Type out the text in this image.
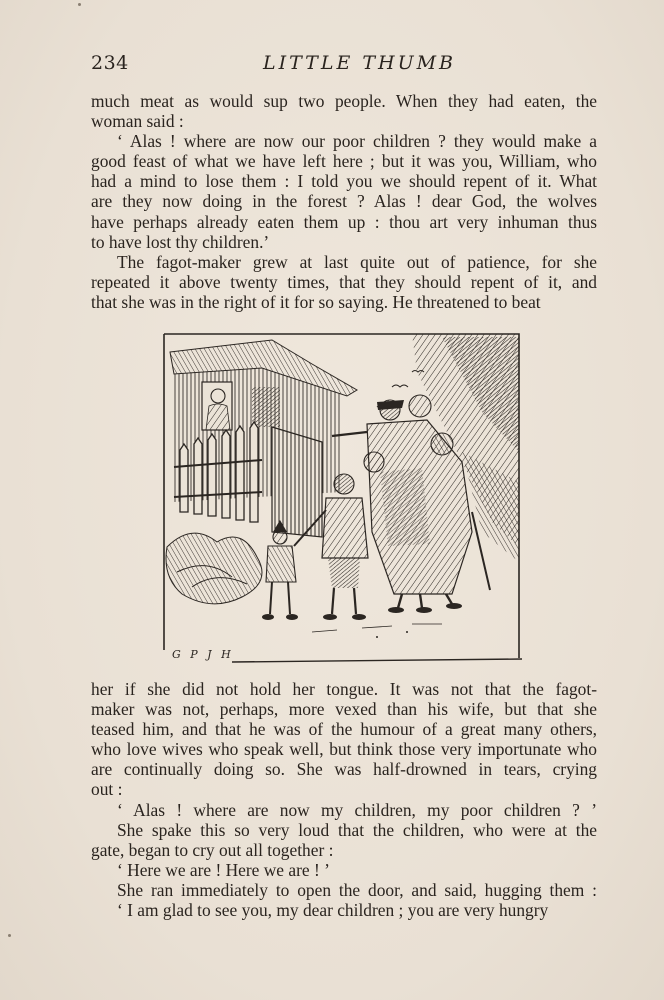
234	LITTLE THUMB

much meat as would sup two people. When they had eaten, the

woman said :

‘ Alas ! where are now our poor children ? they would make a

good feast of what we have left here ; but it was you, William, who

had a mind to lose them : I told you we should repent of it. What

are they now doing in the forest ? Alas ! dear God, the wolves

have perhaps already eaten them up : thou art very inhuman thus

to have lost thy children.’

The fagot-maker grew at last quite out of patience, for she

repeated it above twenty times, that they should repent of it, and

that she was in the right of it for so saying. He threatened to beat

G P J H

her if she did not hold her tongue. It was not that the fagot-

maker was not, perhaps, more vexed than his wife, but that she

teased him, and that he was of the humour of a great many others,

who love wives who speak well, but think those very importunate who

are continually doing so. She was half-drowned in tears, crying

out :

‘ Alas ! where are now my children, my poor children ? ’

She spake this so very loud that the children, who were at the

gate, began to cry out all together :

‘ Here we are ! Here we are ! ’

She ran immediately to open the door, and said, hugging them :

‘ I am glad to see you, my dear children ; you are very hungry
